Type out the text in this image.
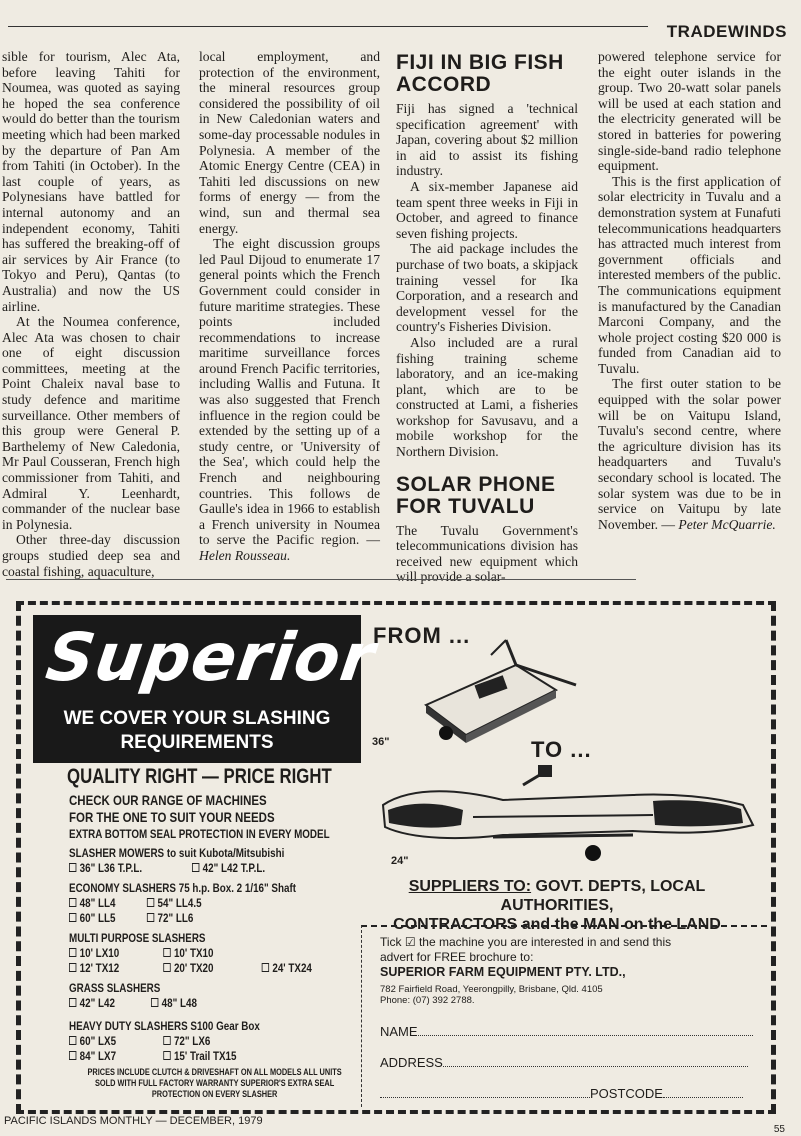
TRADEWINDS

sible for tourism, Alec Ata, before leaving Tahiti for Noumea, was quoted as saying he hoped the sea conference would do better than the tourism meeting which had been marked by the departure of Pan Am from Tahiti (in October). In the last couple of years, as Polynesians have battled for internal autonomy and an independent economy, Tahiti has suffered the breaking-off of air services by Air France (to Tokyo and Peru), Qantas (to Australia) and now the US airline.

At the Noumea conference, Alec Ata was chosen to chair one of eight discussion committees, meeting at the Point Chaleix naval base to study defence and maritime surveillance. Other members of this group were General P. Barthelemy of New Caledonia, Mr Paul Cousseran, French high commissioner from Tahiti, and Admiral Y. Leenhardt, commander of the nuclear base in Polynesia.

Other three-day discussion groups studied deep sea and coastal fishing, aquaculture,

local employment, and protection of the environment, the mineral resources group considered the possibility of oil in New Caledonian waters and some-day processable nodules in Polynesia. A member of the Atomic Energy Centre (CEA) in Tahiti led discussions on new forms of energy — from the wind, sun and thermal sea energy.

The eight discussion groups led Paul Dijoud to enumerate 17 general points which the French Government could consider in future maritime strategies. These points included recommendations to increase maritime surveillance forces around French Pacific territories, including Wallis and Futuna. It was also suggested that French influence in the region could be extended by the setting up of a study centre, or 'University of the Sea', which could help the French and neighbouring countries. This follows de Gaulle's idea in 1966 to establish a French university in Noumea to serve the Pacific region. — Helen Rousseau.

FIJI IN BIG FISH ACCORD

Fiji has signed a 'technical specification agreement' with Japan, covering about $2 million in aid to assist its fishing industry.

A six-member Japanese aid team spent three weeks in Fiji in October, and agreed to finance seven fishing projects.

The aid package includes the purchase of two boats, a skipjack training vessel for Ika Corporation, and a research and development vessel for the country's Fisheries Division.

Also included are a rural fishing training scheme laboratory, and an ice-making plant, which are to be constructed at Lami, a fisheries workshop for Savusavu, and a mobile workshop for the Northern Division.

SOLAR PHONE FOR TUVALU

The Tuvalu Government's telecommunications division has received new equipment which will provide a solar-

powered telephone service for the eight outer islands in the group. Two 20-watt solar panels will be used at each station and the electricity generated will be stored in batteries for powering single-side-band radio telephone equipment.

This is the first application of solar electricity in Tuvalu and a demonstration system at Funafuti telecommunications headquarters has attracted much interest from government officials and interested members of the public. The communications equipment is manufactured by the Canadian Marconi Company, and the whole project costing $20 000 is funded from Canadian aid to Tuvalu.

The first outer station to be equipped with the solar power will be on Vaitupu Island, Tuvalu's second centre, where the agriculture division has its headquarters and Tuvalu's secondary school is located. The solar system was due to be in service on Vaitupu by late November. — Peter McQuarrie.

Superior
WE COVER YOUR SLASHING
REQUIREMENTS
QUALITY RIGHT — PRICE RIGHT
CHECK OUR RANGE OF MACHINES
FOR THE ONE TO SUIT YOUR NEEDS
EXTRA BOTTOM SEAL PROTECTION IN EVERY MODEL
SLASHER MOWERS to suit Kubota/Mitsubishi
36" L36 T.P.L.	42" L42 T.P.L.
ECONOMY SLASHERS 75 h.p. Box. 2 1/16" Shaft
48" LL4	54" LL4.5
60" LL5	72" LL6
MULTI PURPOSE SLASHERS
10' LX10	10' TX10
12' TX12	20' TX20	24' TX24
GRASS SLASHERS
42" L42	48" L48
HEAVY DUTY SLASHERS S100 Gear Box
60" LX5	72" LX6
84" LX7	15' Trail TX15
PRICES INCLUDE CLUTCH & DRIVESHAFT ON ALL MODELS ALL UNITS
SOLD WITH FULL FACTORY WARRANTY SUPERIOR'S EXTRA SEAL
PROTECTION ON EVERY SLASHER
FROM ...
36"	TO ...
24"
SUPPLIERS TO: GOVT. DEPTS, LOCAL AUTHORITIES,
CONTRACTORS and the MAN on the LAND
Tick ☑ the machine you are interested in and send this
advert for FREE brochure to:
SUPERIOR FARM EQUIPMENT PTY. LTD.,
782 Fairfield Road, Yeerongpilly, Brisbane, Qld. 4105
Phone: (07) 392 2788.
NAME
ADDRESS
POSTCODE
PACIFIC ISLANDS MONTHLY — DECEMBER, 1979
55
